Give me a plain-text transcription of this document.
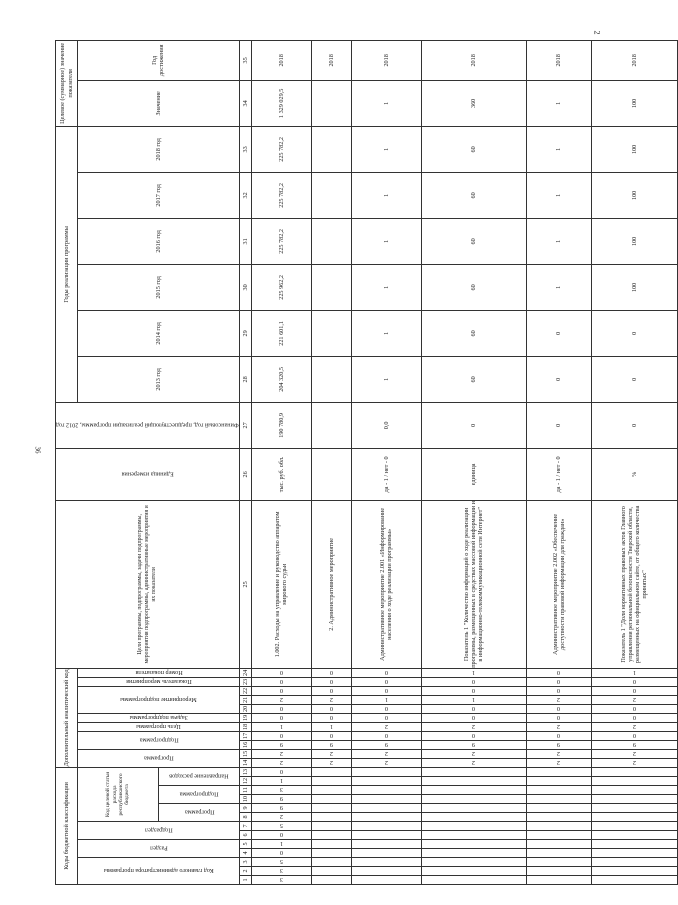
36
2
Коды бюджетной классификации													Дополнительный аналитический код											Цели программы, подпрограммы, задачи подпрограммы, мероприятия подпрограммы, административные мероприятия и их показатели	Единица измерения	Финансовый год, предшествующий реализации программы, 2012 год	Годы реализации программы						Целевое (суммарное) значение показателя	
Код главного администратора программы			Раздел		Подраздел		Код целевой статьи расхода республиканского бюджета						Программа		Подпрограмма		Цель программы	Задача подпрограммы	Мероприятие подпрограммы			Показатель мероприятия	Номер показателя				2013 год	2014 год	2015 год	2016 год	2017 год	2018 год	Значение	Год достижения
							Программа		Подпрограмма		Направление расходов																							
1	2	3	4	5	6	7	8	9	10	11	12	13	14	15	16	17	18	19	20	21	22	23	24	25	26	27	28	29	30	31	32	33	34	35
3	3	5	0	1	0	5	2	9	9	3	1	0	2	2	9	0	1	0	0	2	0	0	0	1.002. Расходы на управление и руководство аппаратом мирового судьи	тыс. руб. обл.	190 780,9	204 320,5	221 601,1	225 962,2	225 782,2	225 782,2	225 782,2	1 329 029,5	2018
													2	2	9	0	1	0	0	2	0	0	0	2. Административное мероприятие										2018
													2	2	9	0	2	0	0	1	0	0	0	Административное мероприятие 2.001 «Информирование населения о ходе реализации программы»	да - 1 / нет - 0	0,0	1	1	1	1	1	1	1	2018
													2	2	9	0	2	0	0	1	0	0	1	Показатель 1 "Количество информаций о ходе реализации программы, размещенных в средствах массовой информации и в информационно-телекоммуникационной сети Интернет"	единица	0	60	60	60	60	60	60	360	2018
													2	2	9	0	2	0	0	2	0	0	0	Административное мероприятие 2.002 «Обеспечение доступности правовой информации для граждан»	да - 1 / нет - 0	0	0	0	1	1	1	1	1	2018
													2	2	9	0	2	0	0	2	0	0	1	Показатель 1 "Доля нормативных правовых актов Главного управления региональной безопасности Тверской области, размещенных на официальном сайте, от общего количества принятых"	%	0	0	0	100	100	100	100	100	2018
